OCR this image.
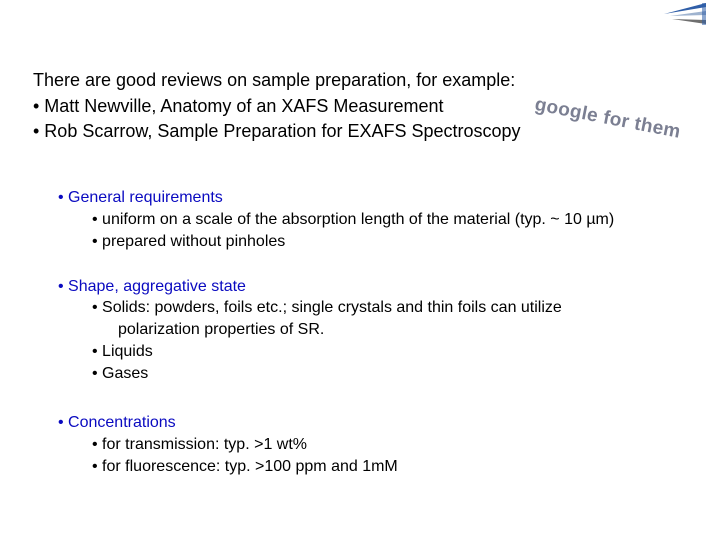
There are good reviews on sample preparation, for example:
• Matt Newville, Anatomy of an XAFS Measurement
• Rob Scarrow, Sample Preparation for EXAFS Spectroscopy google for them
• General requirements
• uniform on a scale of the absorption length of the material (typ. ~ 10 µm)
• prepared without pinholes
• Shape, aggregative state
• Solids: powders, foils etc.; single crystals and thin foils can utilize
polarization properties of SR.
• Liquids
• Gases
• Concentrations
• for transmission: typ. >1 wt%
• for fluorescence: typ. >100 ppm and 1mM
